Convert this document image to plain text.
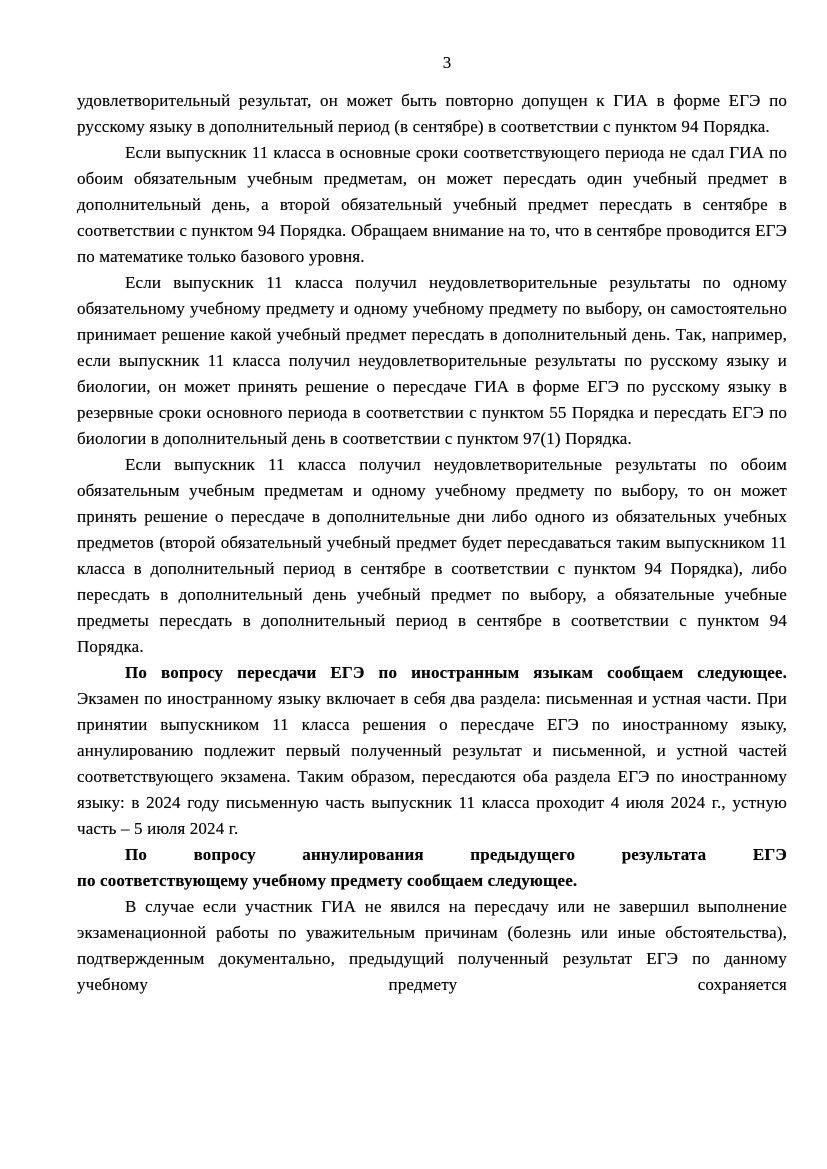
3

удовлетворительный результат, он может быть повторно допущен к ГИА в форме ЕГЭ по русскому языку в дополнительный период (в сентябре) в соответствии с пунктом 94 Порядка.

Если выпускник 11 класса в основные сроки соответствующего периода не сдал ГИА по обоим обязательным учебным предметам, он может пересдать один учебный предмет в дополнительный день, а второй обязательный учебный предмет пересдать в сентябре в соответствии с пунктом 94 Порядка. Обращаем внимание на то, что в сентябре проводится ЕГЭ по математике только базового уровня.

Если выпускник 11 класса получил неудовлетворительные результаты по одному обязательному учебному предмету и одному учебному предмету по выбору, он самостоятельно принимает решение какой учебный предмет пересдать в дополнительный день. Так, например, если выпускник 11 класса получил неудовлетворительные результаты по русскому языку и биологии, он может принять решение о пересдаче ГИА в форме ЕГЭ по русскому языку в резервные сроки основного периода в соответствии с пунктом 55 Порядка и пересдать ЕГЭ по биологии в дополнительный день в соответствии с пунктом 97(1) Порядка.

Если выпускник 11 класса получил неудовлетворительные результаты по обоим обязательным учебным предметам и одному учебному предмету по выбору, то он может принять решение о пересдаче в дополнительные дни либо одного из обязательных учебных предметов (второй обязательный учебный предмет будет пересдаваться таким выпускником 11 класса в дополнительный период в сентябре в соответствии с пунктом 94 Порядка), либо пересдать в дополнительный день учебный предмет по выбору, а обязательные учебные предметы пересдать в дополнительный период в сентябре в соответствии с пунктом 94 Порядка.

По вопросу пересдачи ЕГЭ по иностранным языкам сообщаем следующее.
Экзамен по иностранному языку включает в себя два раздела: письменная и устная части. При принятии выпускником 11 класса решения о пересдаче ЕГЭ по иностранному языку, аннулированию подлежит первый полученный результат и письменной, и устной частей соответствующего экзамена. Таким образом, пересдаются оба раздела ЕГЭ по иностранному языку: в 2024 году письменную часть выпускник 11 класса проходит 4 июля 2024 г., устную часть – 5 июля 2024 г.

По вопросу аннулирования предыдущего результата ЕГЭ
по соответствующему учебному предмету сообщаем следующее.

В случае если участник ГИА не явился на пересдачу или не завершил выполнение экзаменационной работы по уважительным причинам (болезнь или иные обстоятельства), подтвержденным документально, предыдущий полученный результат ЕГЭ по данному учебному предмету сохраняется
